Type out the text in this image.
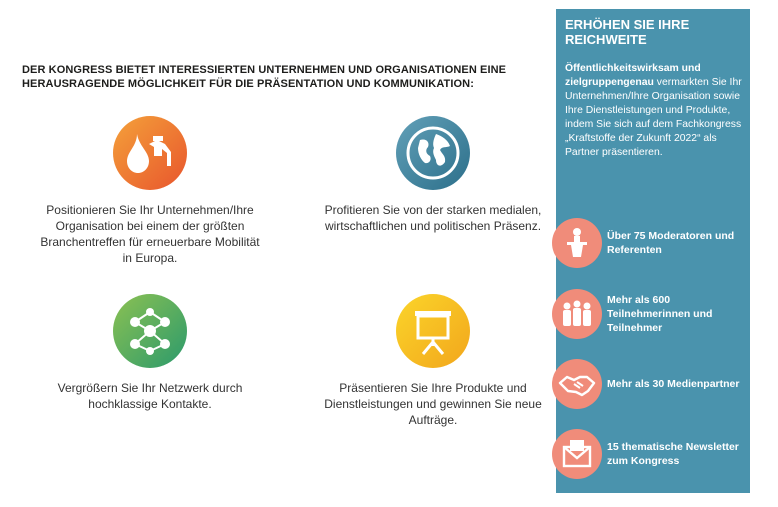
DER KONGRESS BIETET INTERESSIERTEN UNTERNEHMEN UND ORGANISATIONEN EINE HERAUSRAGENDE MÖGLICHKEIT FÜR DIE PRÄSENTATION UND KOMMUNIKATION:
Positionieren Sie Ihr Unternehmen/Ihre Organisation bei einem der größten Branchentreffen für erneuerbare Mobilität in Europa.
Profitieren Sie von der starken medialen, wirtschaftlichen und politischen Präsenz.
Vergrößern Sie Ihr Netzwerk durch hochklassige Kontakte.
Präsentieren Sie Ihre Produkte und Dienstleistungen und gewinnen Sie neue Aufträge.
ERHÖHEN SIE IHRE REICHWEITE
Öffentlichkeitswirksam und zielgruppengenau vermarkten Sie Ihr Unternehmen/Ihre Organisation sowie Ihre Dienstleistungen und Produkte, indem Sie sich auf dem Fachkongress „Kraftstoffe der Zukunft 2022“ als Partner präsentieren.
Über 75 Moderatoren und Referenten
Mehr als 600 Teilnehmerinnen und Teilnehmer
Mehr als 30 Medienpartner
15 thematische Newsletter zum Kongress
